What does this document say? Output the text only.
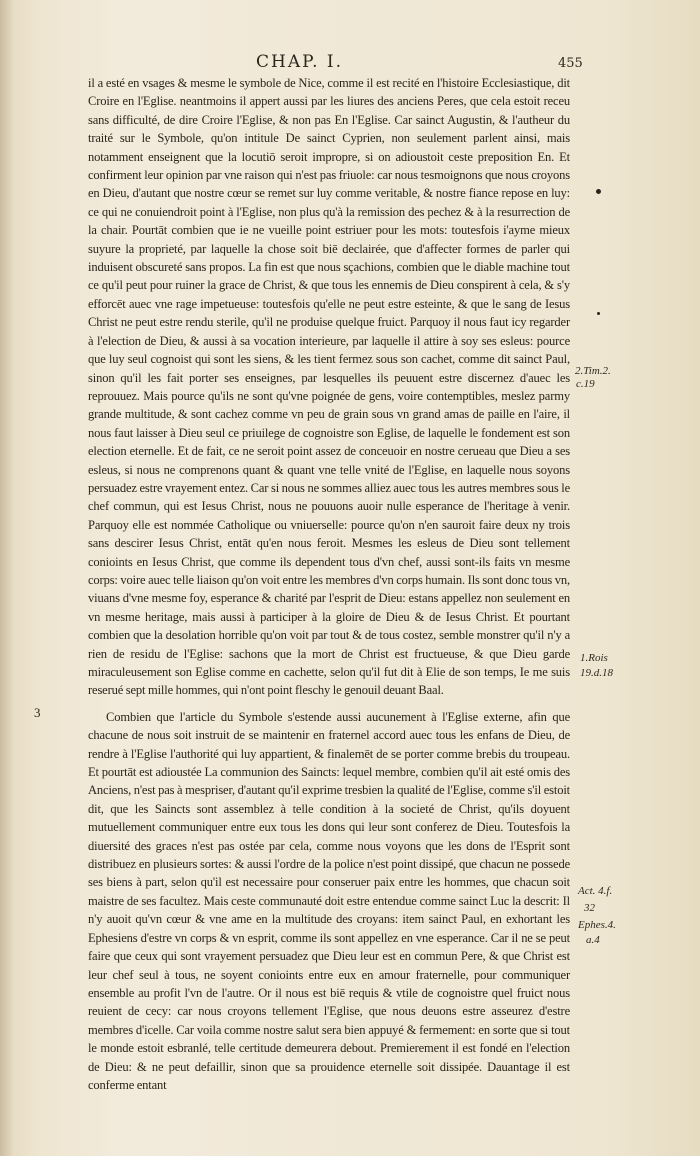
CHAP. I.	455

il a esté en vsages & mesme le symbole de Nice, comme il est recité en l'histoire Ecclesiastique, dit Croire en l'Eglise. neantmoins il appert aussi par les liures des anciens Peres, que cela estoit receu sans difficulté, de dire Croire l'Eglise, & non pas En l'Eglise. Car sainct Augustin, & l'autheur du traité sur le Symbole, qu'on intitule De sainct Cyprien, non seulement parlent ainsi, mais notamment enseignent que la locutiō seroit impropre, si on adioustoit ceste preposition En. Et confirment leur opinion par vne raison qui n'est pas friuole: car nous tesmoignons que nous croyons en Dieu, d'autant que nostre cœur se remet sur luy comme veritable, & nostre fiance repose en luy: ce qui ne conuiendroit point à l'Eglise, non plus qu'à la remission des pechez & à la resurrection de la chair. Pourtāt combien que ie ne vueille point estriuer pour les mots: toutesfois i'ayme mieux suyure la proprieté, par laquelle la chose soit biē declairée, que d'affecter formes de parler qui induisent obscureté sans propos. La fin est que nous sçachions, combien que le diable machine tout ce qu'il peut pour ruiner la grace de Christ, & que tous les ennemis de Dieu conspirent à cela, & s'y efforcēt auec vne rage impetueuse: toutesfois qu'elle ne peut estre esteinte, & que le sang de Iesus Christ ne peut estre rendu sterile, qu'il ne produise quelque fruict. Parquoy il nous faut icy regarder à l'election de Dieu, & aussi à sa vocation interieure, par laquelle il attire à soy ses esleus: pource que luy seul cognoist qui sont les siens, & les tient fermez sous son cachet, comme dit sainct Paul, sinon qu'il les fait porter ses enseignes, par lesquelles ils peuuent estre discernez d'auec les reprouuez. Mais pource qu'ils ne sont qu'vne poignée de gens, voire contemptibles, meslez parmy grande multitude, & sont cachez comme vn peu de grain sous vn grand amas de paille en l'aire, il nous faut laisser à Dieu seul ce priuilege de cognoistre son Eglise, de laquelle le fondement est son election eternelle. Et de fait, ce ne seroit point assez de conceuoir en nostre cerueau que Dieu a ses esleus, si nous ne comprenons quant & quant vne telle vnité de l'Eglise, en laquelle nous soyons persuadez estre vrayement entez. Car si nous ne sommes alliez auec tous les autres membres sous le chef commun, qui est Iesus Christ, nous ne pouuons auoir nulle esperance de l'heritage à venir. Parquoy elle est nommée Catholique ou vniuerselle: pource qu'on n'en sauroit faire deux ny trois sans descirer Iesus Christ, entāt qu'en nous feroit. Mesmes les esleus de Dieu sont tellement conioints en Iesus Christ, que comme ils dependent tous d'vn chef, aussi sont-ils faits vn mesme corps: voire auec telle liaison qu'on voit entre les membres d'vn corps humain. Ils sont donc tous vn, viuans d'vne mesme foy, esperance & charité par l'esprit de Dieu: estans appellez non seulement en vn mesme heritage, mais aussi à participer à la gloire de Dieu & de Iesus Christ. Et pourtant combien que la desolation horrible qu'on voit par tout & de tous costez, semble monstrer qu'il n'y a rien de residu de l'Eglise: sachons que la mort de Christ est fructueuse, & que Dieu garde miraculeusement son Eglise comme en cachette, selon qu'il fut dit à Elie de son temps, Ie me suis reserué sept mille hommes, qui n'ont point fleschy le genouil deuant Baal.

Combien que l'article du Symbole s'estende aussi aucunement à l'Eglise externe, afin que chacune de nous soit instruit de se maintenir en fraternel accord auec tous les enfans de Dieu, de rendre à l'Eglise l'authorité qui luy appartient, & finalemēt de se porter comme brebis du troupeau. Et pourtāt est adioustée La communion des Saincts: lequel membre, combien qu'il ait esté omis des Anciens, n'est pas à mespriser, d'autant qu'il exprime tresbien la qualité de l'Eglise, comme s'il estoit dit, que les Saincts sont assemblez à telle condition à la societé de Christ, qu'ils doyuent mutuellement communiquer entre eux tous les dons qui leur sont conferez de Dieu. Toutesfois la diuersité des graces n'est pas ostée par cela, comme nous voyons que les dons de l'Esprit sont distribuez en plusieurs sortes: & aussi l'ordre de la police n'est point dissipé, que chacun ne possede ses biens à part, selon qu'il est necessaire pour conseruer paix entre les hommes, que chacun soit maistre de ses facultez. Mais ceste communauté doit estre entendue comme sainct Luc la descrit: Il n'y auoit qu'vn cœur & vne ame en la multitude des croyans: item sainct Paul, en exhortant les Ephesiens d'estre vn corps & vn esprit, comme ils sont appellez en vne esperance. Car il ne se peut faire que ceux qui sont vrayement persuadez que Dieu leur est en commun Pere, & que Christ est leur chef seul à tous, ne soyent conioints entre eux en amour fraternelle, pour communiquer ensemble au profit l'vn de l'autre. Or il nous est biē requis & vtile de cognoistre quel fruict nous reuient de cecy: car nous croyons tellement l'Eglise, que nous deuons estre asseurez d'estre membres d'icelle. Car voila comme nostre salut sera bien appuyé & fermement: en sorte que si tout le monde estoit esbranlé, telle certitude demeurera debout. Premierement il est fondé en l'election de Dieu: & ne peut defaillir, sinon que sa prouidence eternelle soit dissipée. Dauantage il est conferme entant

3
2.Tim.2.
c.19
1.Rois
19.d.18
Act. 4.f.
32
Ephes.4.
a.4
